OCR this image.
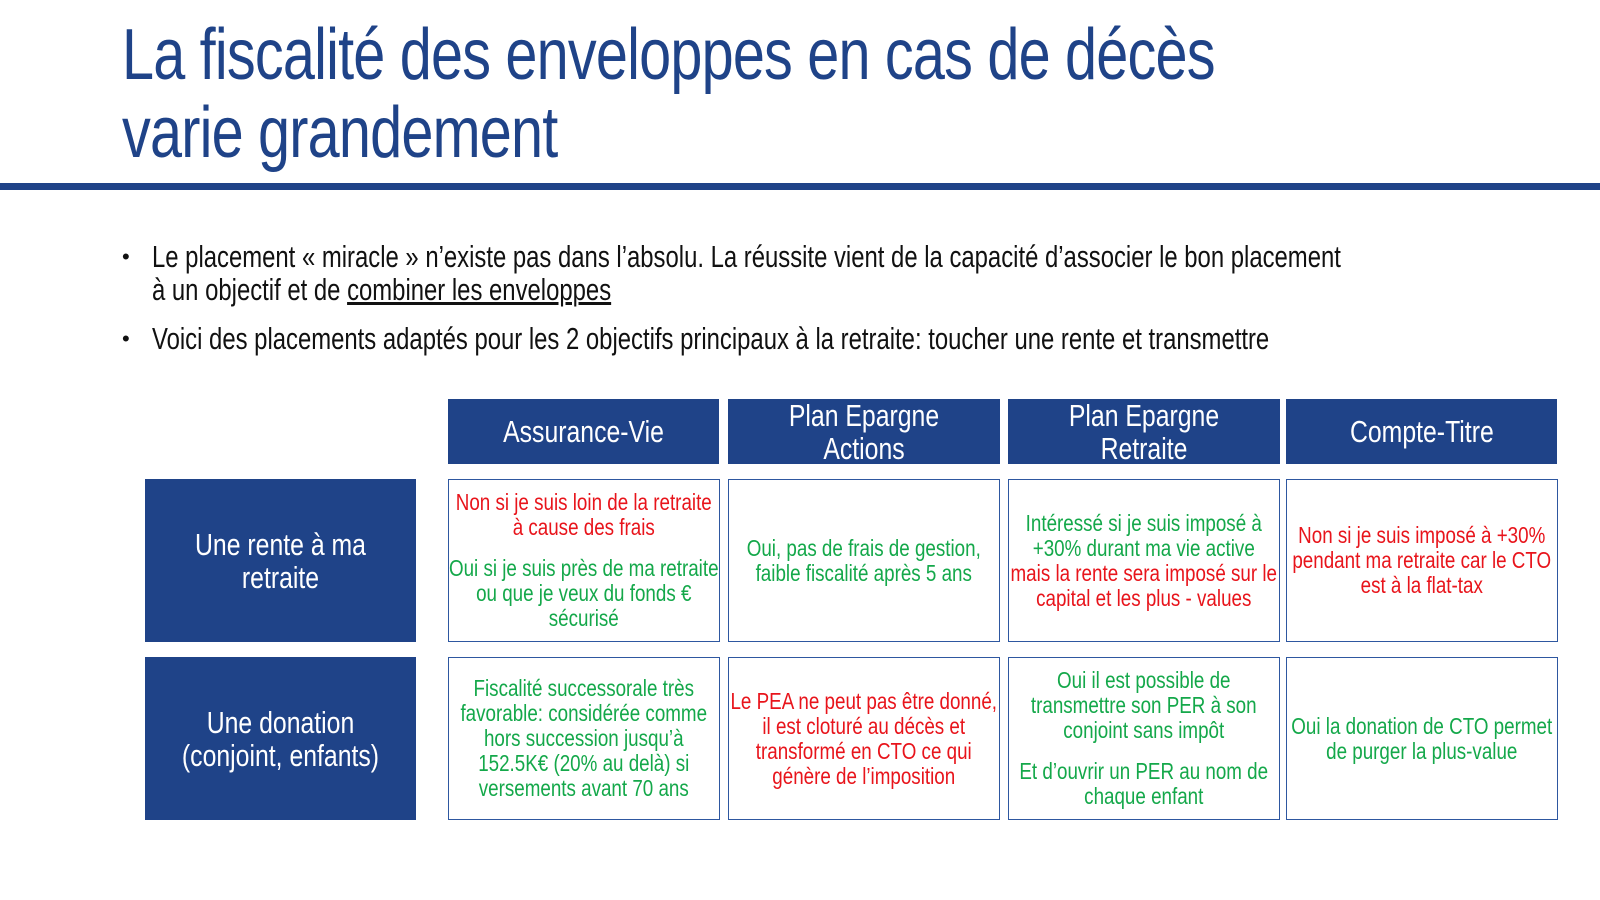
La fiscalité des enveloppes en cas de décès varie grandement
• Le placement « miracle » n’existe pas dans l’absolu. La réussite vient de la capacité d’associer le bon placement à un objectif et de combiner les enveloppes
• Voici des placements adaptés pour les 2 objectifs principaux à la retraite: toucher une rente et transmettre
Assurance-Vie	Plan Epargne Actions
Plan Epargne Retraite	Compte-Titre
Une rente à ma retraite
Une donation (conjoint, enfants)

Non si je suis loin de la retraite à cause des frais

Oui si je suis près de ma retraite ou que je veux du fonds € sécurisé

Oui, pas de frais de gestion, faible fiscalité après 5 ans

Intéressé si je suis imposé à +30% durant ma vie active

mais la rente sera imposé sur le capital et les plus - values

Non si je suis imposé à +30% pendant ma retraite car le CTO est à la flat-tax

Fiscalité successorale très favorable: considérée comme hors succession jusqu’à 152.5K€ (20% au delà) si versements avant 70 ans

Le PEA ne peut pas être donné, il est cloturé au décès et transformé en CTO ce qui génère de l’imposition

Oui il est possible de transmettre son PER à son conjoint sans impôt

Et d’ouvrir un PER au nom de chaque enfant

Oui la donation de CTO permet de purger la plus-value
